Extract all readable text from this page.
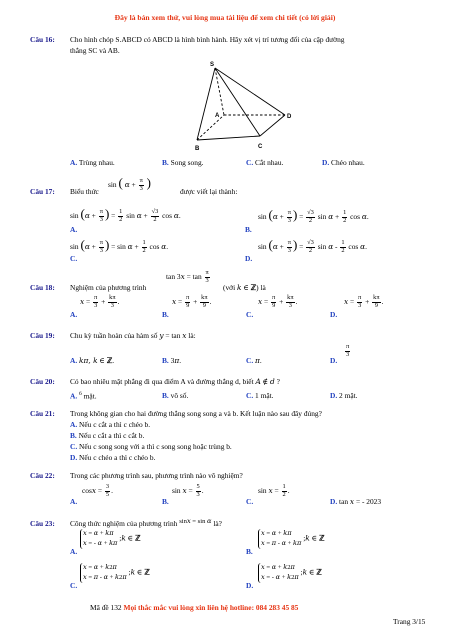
Đây là bản xem thử, vui lòng mua tài liệu để xem chi tiết (có lời giải)
Câu 16: Cho hình chóp S.ABCD có ABCD là hình bình hành. Hãy xét vị trí tương đối của cặp đường
thẳng SC và AB.
S
A
B	C
D
A. Trùng nhau.	B. Song song.	C. Cắt nhau.	D. Chéo nhau.
Câu 17: Biểu thức
sin ( $\alpha + \frac{\pi}{3}$ )
được viết lại thành:
$\sin (\alpha + \frac{\pi}{3}$ ) = $\frac{1}{2}$ $\sin \alpha + \frac{√3}{2}$ cos α.
A.
$\sin (\alpha + \frac{\pi}{3}$ ) = $\frac{√3}{2}$ $\sin \alpha + \frac{1}{2}$ cos α.
B.
$\sin (\alpha + \frac{\pi}{3}$ ) = $\sin \alpha + \frac{1}{2}$ cos α.
C.
$\sin (\alpha + \frac{\pi}{3}$ ) = $\frac{√3}{2}$ sin α - $\frac{1}{2}$ cos α.
D.
Câu 18: Nghiệm của phương trình
$\tan 3x = \tan \frac{\pi}{3}$
(với k ∈ ℤ) là
$x = \frac{\pi}{3} + \frac{k\pi}{3}$ .
A.
$x = \frac{\pi}{9} + \frac{k\pi}{9}$ .
B.
$x = \frac{\pi}{9} + \frac{k\pi}{3}$ .
C.
$x = \frac{\pi}{3} + \frac{k\pi}{9}$ .
D.
Câu 19: Chu kỳ tuần hoàn của hàm số y = tan x là:
A. kπ, k ∈ ℤ.	B. 3π.	C. π.	D.
$\frac{\pi}{3}$
Câu 20: Có bao nhiêu mặt phẳng đi qua điểm A và đường thẳng d, biết A ∉ d ?
A. $^6$ mặt.	B. vô số.	C. 1 mặt.	D. 2 mặt.
Câu 21: Trong không gian cho hai đường thẳng song song a và b. Kết luận nào sau đây đúng?
A. Nếu c cắt a thì c chéo b.
B. Nếu c cắt a thì c cắt b.
C. Nếu c song song với a thì c song song hoặc trùng b.
D. Nếu c chéo a thì c chéo b.
Câu 22: Trong các phương trình sau, phương trình nào vô nghiệm?
$\cos x = \frac{3}{5}$ .
A.
$\sin x = \frac{5}{3}$ .
B.
$\sin x = \frac{1}{2}$ .
C.	D. tan x = - 2023
Câu 23: Công thức nghiệm của phương trình sinx = sin α là?
x = α + kπ
x = - α + kπ ;k ∈ ℤ
A.
x = α + kπ
x = π - α + kπ ;k ∈ ℤ
B.
x = α + k2π
x = π - α + k2π ;k ∈ ℤ
C.
x = α + k2π
x = - α + k2π ;k ∈ ℤ
D.
Mã đề 132 Mọi thắc mắc vui lòng xin liên hệ hotline: 084 283 45 85
Trang 3/15
